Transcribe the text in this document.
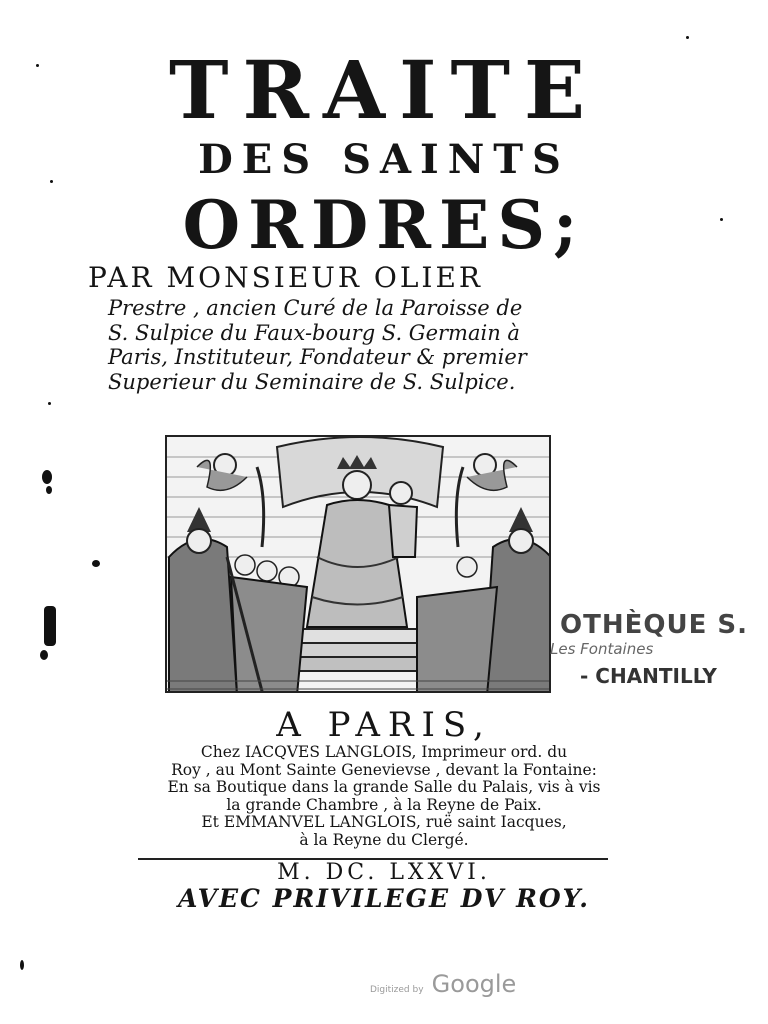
TRAITE
DES SAINTS
ORDRES;
PAR MONSIEUR OLIER
Prestre , ancien Curé de la Paroisse de
S. Sulpice du Faux-bourg S. Germain à
Paris, Instituteur, Fondateur & premier
Superieur du Seminaire de S. Sulpice.
OTHÈQUE S.
Les Fontaines
- CHANTILLY
A PARIS,
Chez IACQVES LANGLOIS, Imprimeur ord. du
Roy , au Mont Sainte Genevievse , devant la Fontaine:
En sa Boutique dans la grande Salle du Palais, vis à vis
la grande Chambre , à la Reyne de Paix.
Et EMMANVEL LANGLOIS, ruë saint Iacques,
à la Reyne du Clergé.
M. DC. LXXVI.
AVEC PRIVILEGE DV ROY.
Digitized by Google
